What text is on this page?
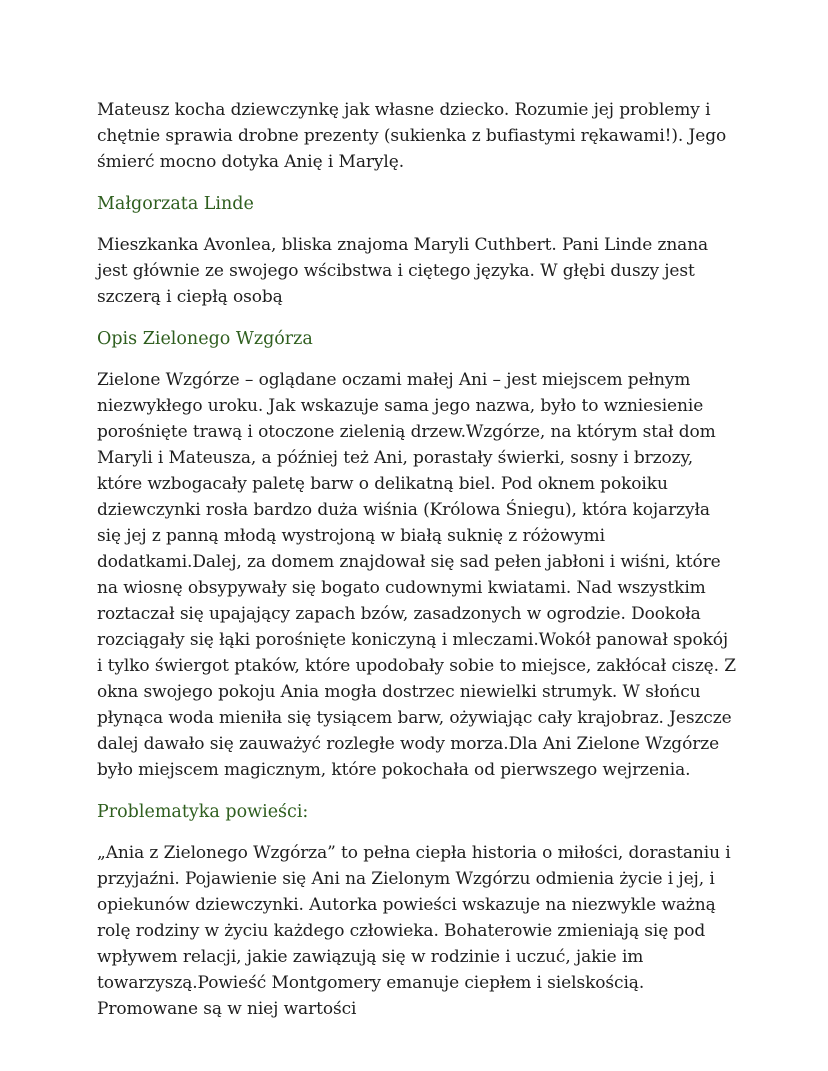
Mateusz kocha dziewczynkę jak własne dziecko. Rozumie jej problemy i chętnie sprawia drobne prezenty (sukienka z bufiastymi rękawami!). Jego śmierć mocno dotyka Anię i Marylę.

Małgorzata Linde

Mieszkanka Avonlea, bliska znajoma Maryli Cuthbert. Pani Linde znana jest głównie ze swojego wścibstwa i ciętego języka. W głębi duszy jest szczerą i ciepłą osobą

Opis Zielonego Wzgórza

Zielone Wzgórze – oglądane oczami małej Ani – jest miejscem pełnym niezwykłego uroku. Jak wskazuje sama jego nazwa, było to wzniesienie porośnięte trawą i otoczone zielenią drzew.Wzgórze, na którym stał dom Maryli i Mateusza, a później też Ani, porastały świerki, sosny i brzozy, które wzbogacały paletę barw o delikatną biel. Pod oknem pokoiku dziewczynki rosła bardzo duża wiśnia (Królowa Śniegu), która kojarzyła się jej z panną młodą wystrojoną w białą suknię z różowymi dodatkami.Dalej, za domem znajdował się sad pełen jabłoni i wiśni, które na wiosnę obsypywały się bogato cudownymi kwiatami. Nad wszystkim roztaczał się upajający zapach bzów, zasadzonych w ogrodzie. Dookoła rozciągały się łąki porośnięte koniczyną i mleczami.Wokół panował spokój i tylko świergot ptaków, które upodobały sobie to miejsce, zakłócał ciszę. Z okna swojego pokoju Ania mogła dostrzec niewielki strumyk. W słońcu płynąca woda mieniła się tysiącem barw, ożywiając cały krajobraz. Jeszcze dalej dawało się zauważyć rozległe wody morza.Dla Ani Zielone Wzgórze było miejscem magicznym, które pokochała od pierwszego wejrzenia.

Problematyka powieści:

„Ania z Zielonego Wzgórza” to pełna ciepła historia o miłości, dorastaniu i przyjaźni. Pojawienie się Ani na Zielonym Wzgórzu odmienia życie i jej, i opiekunów dziewczynki. Autorka powieści wskazuje na niezwykle ważną rolę rodziny w życiu każdego człowieka. Bohaterowie zmieniają się pod wpływem relacji, jakie zawiązują się w rodzinie i uczuć, jakie im towarzyszą.Powieść Montgomery emanuje ciepłem i sielskością. Promowane są w niej wartości
